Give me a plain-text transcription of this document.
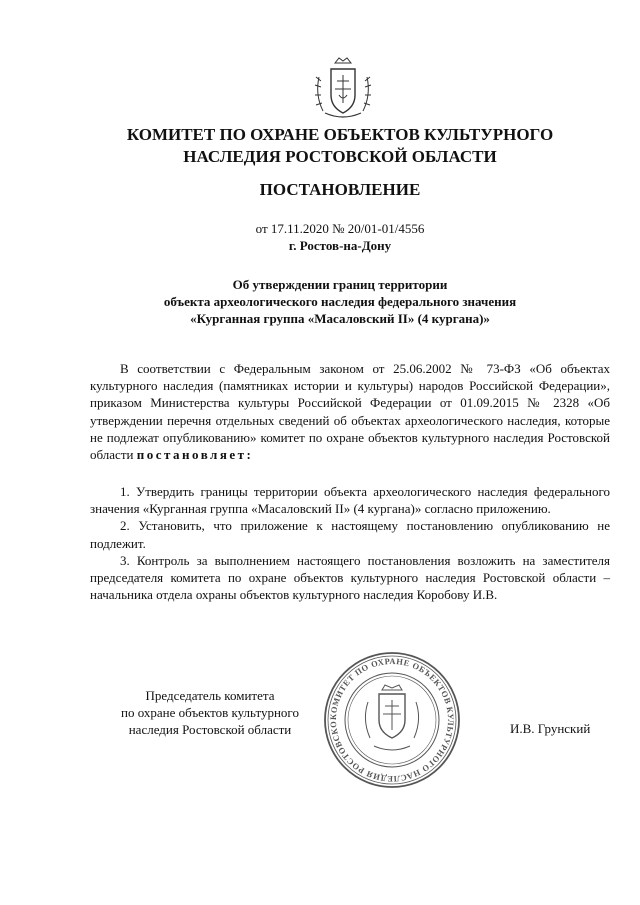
КОМИТЕТ ПО ОХРАНЕ ОБЪЕКТОВ КУЛЬТУРНОГО
НАСЛЕДИЯ РОСТОВСКОЙ ОБЛАСТИ
ПОСТАНОВЛЕНИЕ
от 17.11.2020 № 20/01-01/4556
г. Ростов-на-Дону
Об утверждении границ территории
объекта археологического наследия федерального значения
«Курганная группа «Масаловский II» (4 кургана)»

В соответствии с Федеральным законом от 25.06.2002 № 73-ФЗ «Об объектах культурного наследия (памятниках истории и культуры) народов Российской Федерации», приказом Министерства культуры Российской Федерации от 01.09.2015 № 2328 «Об утверждении перечня отдельных сведений об объектах археологического наследия, которые не подлежат опубликованию» комитет по охране объектов культурного наследия Ростовской области постановляет:

1. Утвердить границы территории объекта археологического наследия федерального значения «Курганная группа «Масаловский II» (4 кургана)» согласно приложению.

2. Установить, что приложение к настоящему постановлению опубликованию не подлежит.

3. Контроль за выполнением настоящего постановления возложить на заместителя председателя комитета по охране объектов культурного наследия Ростовской области – начальника отдела охраны объектов культурного наследия Коробову И.В.

Председатель комитета
по охране объектов культурного
наследия Ростовской области
КОМИТЕТ ПО ОХРАНЕ ОБЪЕКТОВ КУЛЬТУРНОГО НАСЛЕДИЯ РОСТОВСКО	И.В. Грунский
